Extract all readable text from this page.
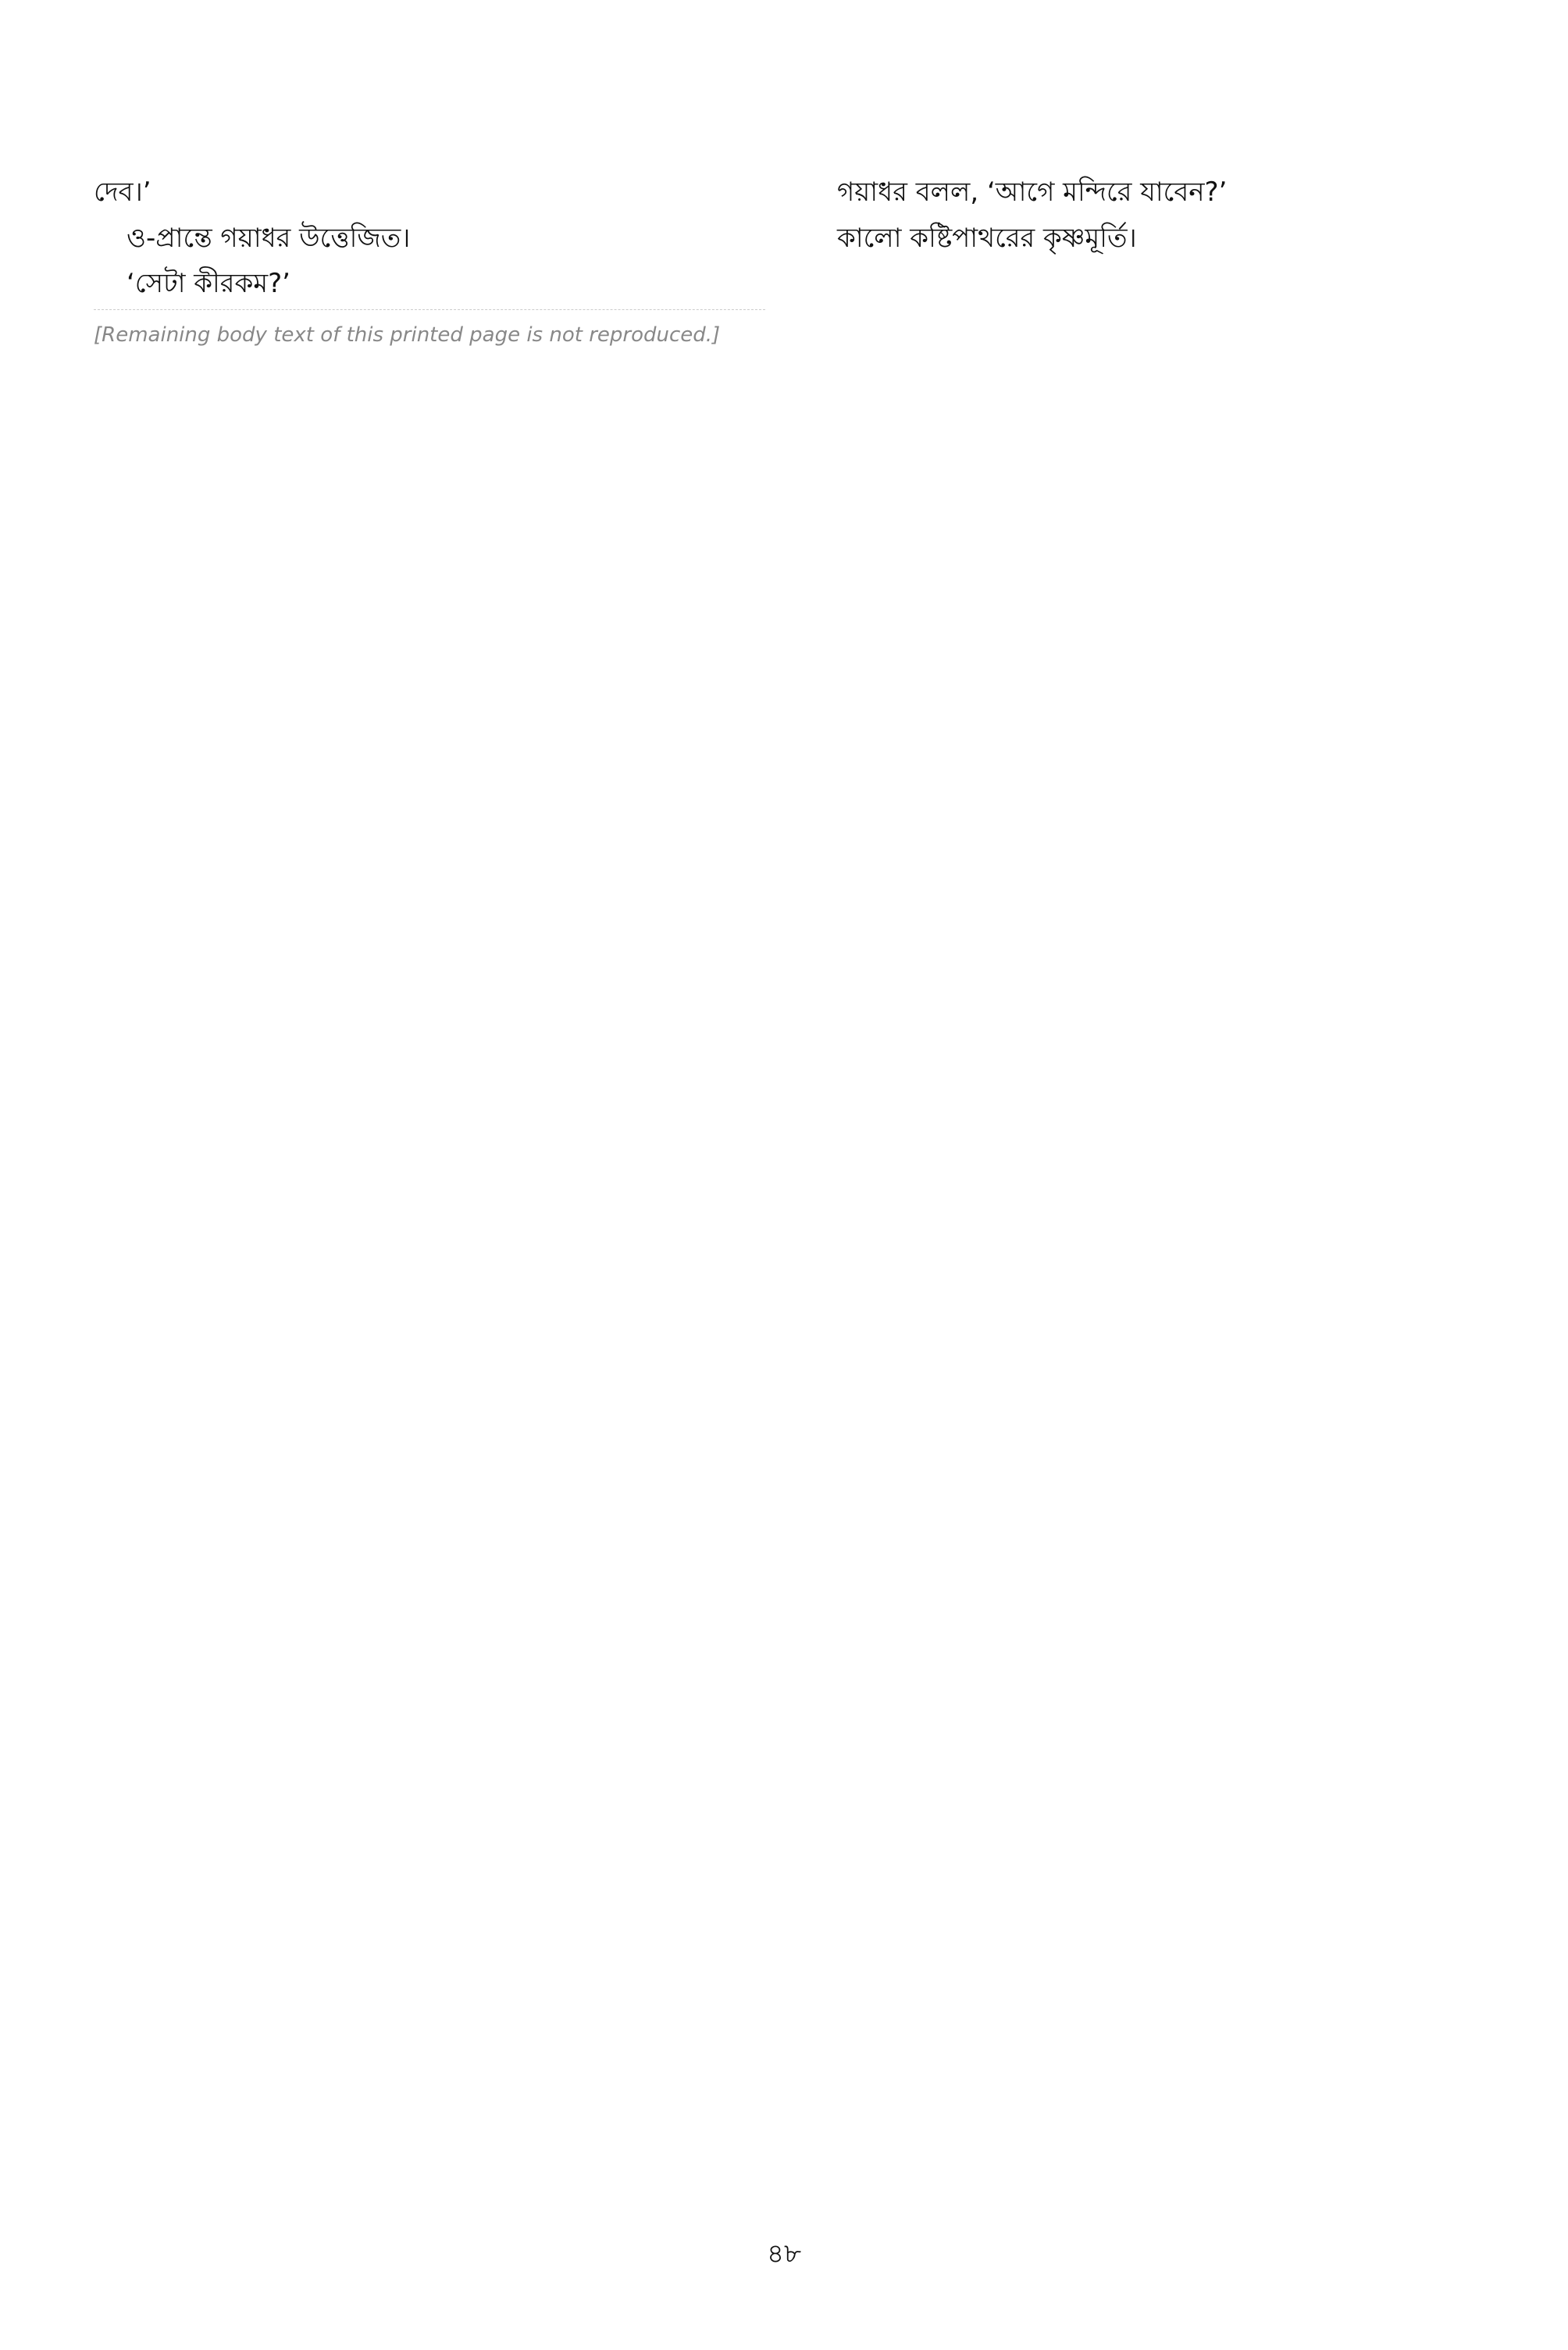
দেব।’

ও-প্রান্তে গয়াধর উত্তেজিত।

‘সেটা কীরকম?’

[Remaining body text of this printed page is not reproduced.]

গয়াধর বলল, ‘আগে মন্দিরে যাবেন?’

কালো কষ্টিপাথরের কৃষ্ণমূর্তি।

৪৮
